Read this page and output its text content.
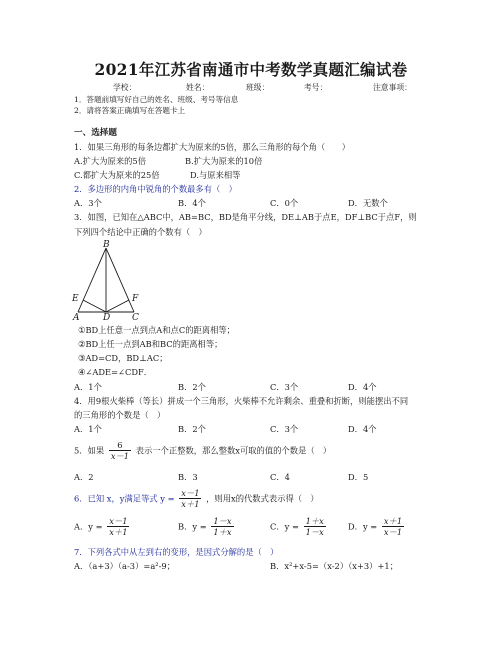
2021年江苏省南通市中考数学真题汇编试卷
学校：	姓名：	班级：	考号：	注意事项：
1．答题前填写好自己的姓名、班级、考号等信息
2．请将答案正确填写在答题卡上
一、选择题
1．如果三角形的每条边都扩大为原来的5倍，那么三角形的每个角（　　）
A.扩大为原来的5倍	B.扩大为原来的10倍
C.都扩大为原来的25倍	D.与原来相等
2．多边形的内角中锐角的个数最多有（　）
A．3个	B．4个	C．0个	D．无数个
3．如图，已知在△ABC中，AB=BC，BD是角平分线，DE⊥AB于点E，DF⊥BC于点F，则
下列四个结论中正确的个数有（　）
B
E	F
A	D C
①BD上任意一点到点A和点C的距离相等；
②BD上任一点到AB和BC的距离相等；
③AD=CD，BD⊥AC；
④∠ADE=∠CDF．
A．1个	B．2个	C．3个	D．4个
4．用9根火柴棒（等长）拼成一个三角形，火柴棒不允许剩余、重叠和折断，则能摆出不同
的三角形的个数是（　）
A．1个	B．2个	C．3个	D．4个
5．如果 $\frac{6}{x-1}$ 表示一个正整数，那么整数x可取的值的个数是（　）
A．2	B．3	C．4	D．5
6．已知 x，y满足等式 $y = \frac{x-1}{x+1}$ ，则用x的代数式表示得（　）
A．$y = \frac{x-1}{x+1}$	B．$y = \frac{1-x}{1+x}$	C．$y = \frac{1+x}{1-x}$	D．$y = \frac{x+1}{x-1}$
7．下列各式中从左到右的变形，是因式分解的是（　）
A．（a+3）（a-3）=a²-9；	B．x²+x-5=（x-2）（x+3）+1；
